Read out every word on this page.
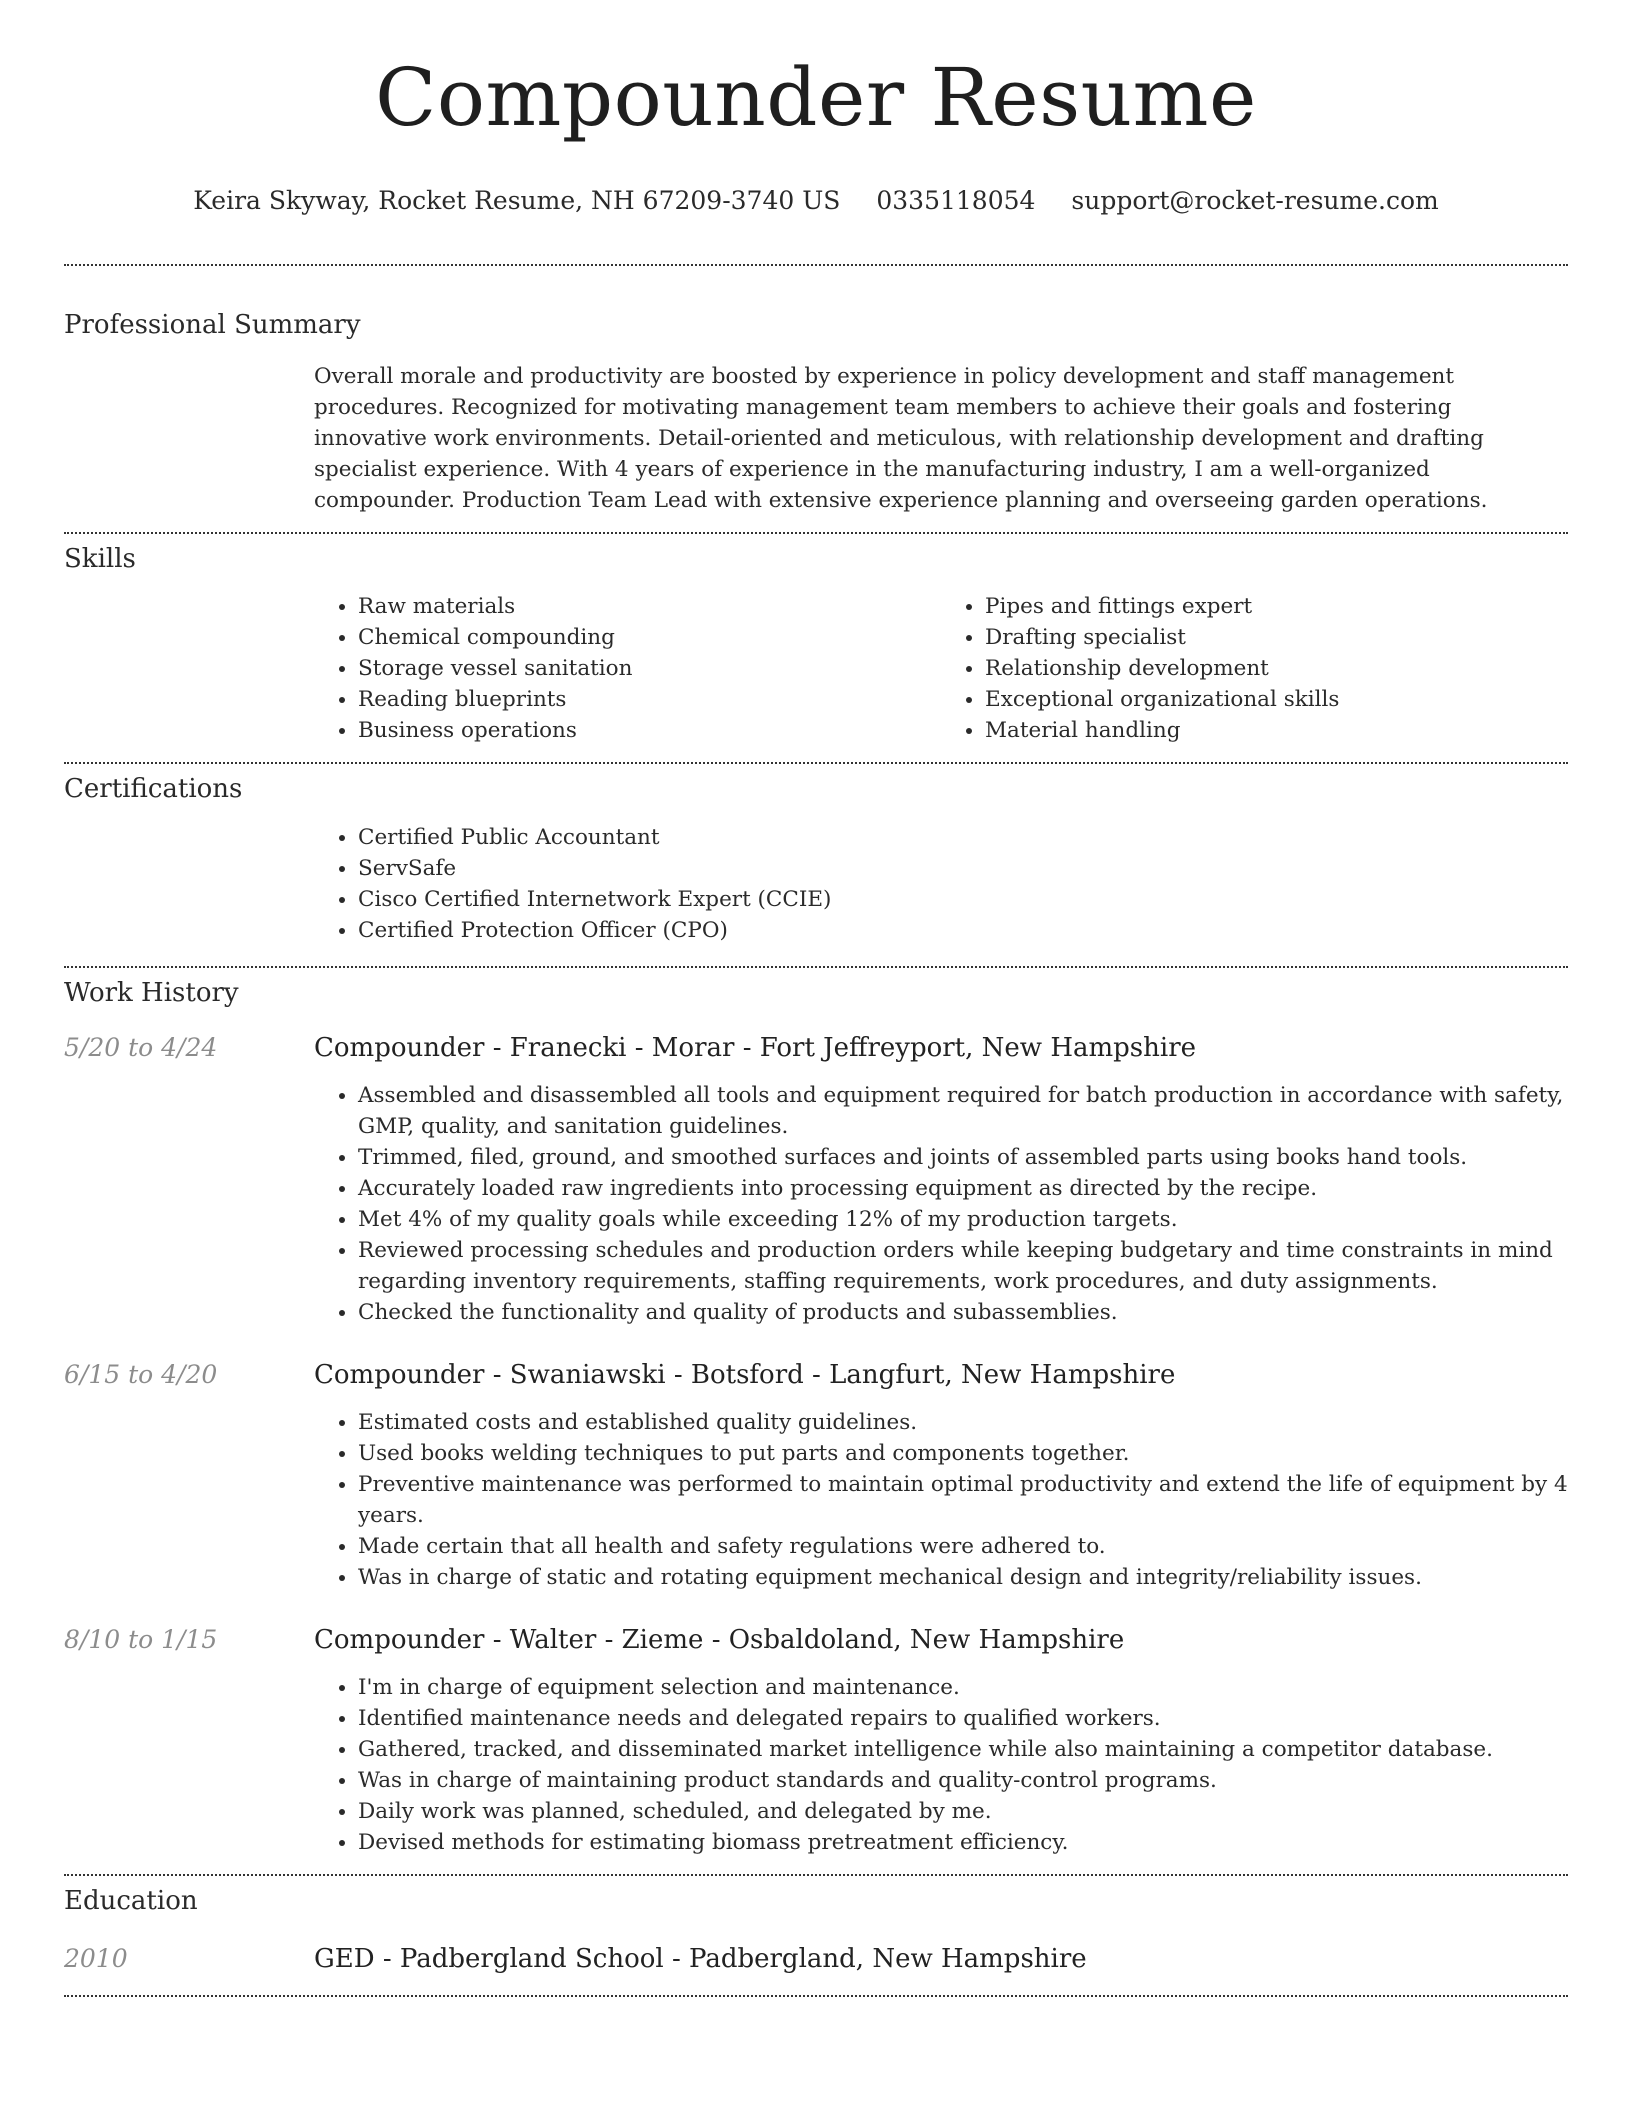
Compounder Resume
Keira Skyway, Rocket Resume, NH 67209-3740 US 0335118054 support@rocket-resume.com
Professional Summary
Overall morale and productivity are boosted by experience in policy development and staff management procedures. Recognized for motivating management team members to achieve their goals and fostering innovative work environments. Detail-oriented and meticulous, with relationship development and drafting specialist experience. With 4 years of experience in the manufacturing industry, I am a well-organized compounder. Production Team Lead with extensive experience planning and overseeing garden operations.
Skills
• Raw materials
• Chemical compounding
• Storage vessel sanitation
• Reading blueprints
• Business operations
• Pipes and fittings expert
• Drafting specialist
• Relationship development
• Exceptional organizational skills
• Material handling
Certifications
• Certified Public Accountant
• ServSafe
• Cisco Certified Internetwork Expert (CCIE)
• Certified Protection Officer (CPO)
Work History
5/20 to 4/24	Compounder - Franecki - Morar - Fort Jeffreyport, New Hampshire
• Assembled and disassembled all tools and equipment required for batch production in accordance with safety, GMP, quality, and sanitation guidelines.
• Trimmed, filed, ground, and smoothed surfaces and joints of assembled parts using books hand tools.
• Accurately loaded raw ingredients into processing equipment as directed by the recipe.
• Met 4% of my quality goals while exceeding 12% of my production targets.
• Reviewed processing schedules and production orders while keeping budgetary and time constraints in mind regarding inventory requirements, staffing requirements, work procedures, and duty assignments.
• Checked the functionality and quality of products and subassemblies.
6/15 to 4/20	Compounder - Swaniawski - Botsford - Langfurt, New Hampshire
• Estimated costs and established quality guidelines.
• Used books welding techniques to put parts and components together.
• Preventive maintenance was performed to maintain optimal productivity and extend the life of equipment by 4 years.
• Made certain that all health and safety regulations were adhered to.
• Was in charge of static and rotating equipment mechanical design and integrity/reliability issues.
8/10 to 1/15	Compounder - Walter - Zieme - Osbaldoland, New Hampshire
• I'm in charge of equipment selection and maintenance.
• Identified maintenance needs and delegated repairs to qualified workers.
• Gathered, tracked, and disseminated market intelligence while also maintaining a competitor database.
• Was in charge of maintaining product standards and quality-control programs.
• Daily work was planned, scheduled, and delegated by me.
• Devised methods for estimating biomass pretreatment efficiency.
Education
2010	GED - Padbergland School - Padbergland, New Hampshire
